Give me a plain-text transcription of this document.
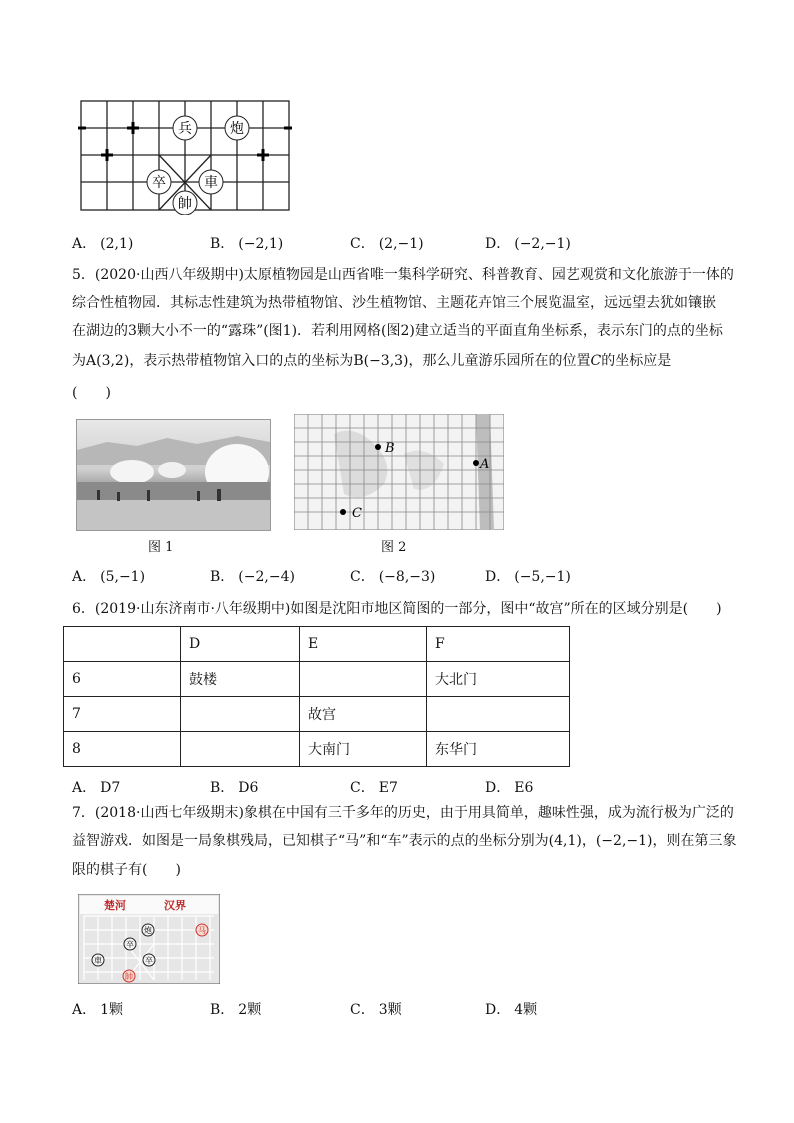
兵	炮
卒	車
帥
A． (2,1)	B． (−2,1)	C． (2,−1)	D． (−2,−1)
5．(2020·山西八年级期中)太原植物园是山西省唯一集科学研究、科普教育、园艺观赏和文化旅游于一体的
综合性植物园．其标志性建筑为热带植物馆、沙生植物馆、主题花卉馆三个展览温室，远远望去犹如镶嵌
在湖边的3颗大小不一的“露珠”(图1)．若利用网格(图2)建立适当的平面直角坐标系，表示东门的点的坐标
为A(3,2)，表示热带植物馆入口的点的坐标为B(−3,3)，那么儿童游乐园所在的位置C的坐标应是
(　　)
图 1
B
A
C
图 2
A． (5,−1)	B． (−2,−4)	C． (−8,−3)	D． (−5,−1)
6．(2019·山东济南市·八年级期中)如图是沈阳市地区简图的一部分，图中“故宫”所在的区域分别是(　　)
	D	E	F
6	鼓楼		大北门
7		故宫	
8		大南门	东华门
A． D7	B． D6	C． E7	D． E6
7．(2018·山西七年级期末)象棋在中国有三千多年的历史，由于用具简单，趣味性强，成为流行极为广泛的
益智游戏．如图是一局象棋残局，已知棋子“马”和“车”表示的点的坐标分别为(4,1)，(−2,−1)，则在第三象
限的棋子有(　　)
楚河	汉界
炮	马
卒
車	卒
帥
A． 1颗	B． 2颗	C． 3颗	D． 4颗
